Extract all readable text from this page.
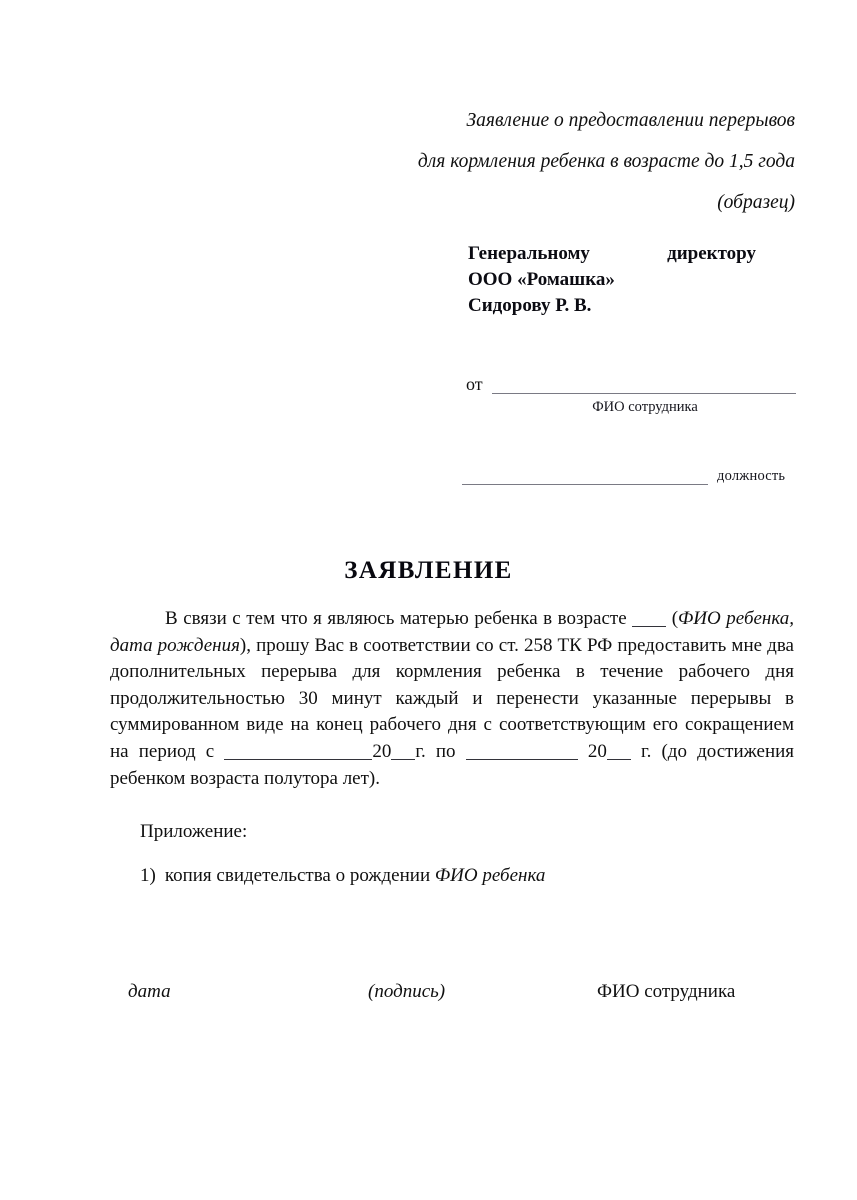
Заявление о предоставлении перерывов
для кормления ребенка в возрасте до 1,5 года
(образец)
Генеральному	директору
ООО «Ромашка»
Сидорову Р. В.
от
ФИО сотрудника
должность
ЗАЯВЛЕНИЕ

В связи с тем что я являюсь матерью ребенка в возрасте (ФИО ребенка, дата рождения), прошу Вас в соответствии со ст. 258 ТК РФ предоставить мне два дополнительных перерыва для кормления ребенка в течение рабочего дня продолжительностью 30 минут каждый и перенести указанные перерывы в суммированном виде на конец рабочего дня с соответствующим его сокращением на период с	20 г. по	20 г. (до достижения ребенком возраста полутора лет).

Приложение:
1) копия свидетельства о рождении ФИО ребенка
дата	(подпись)	ФИО сотрудника
